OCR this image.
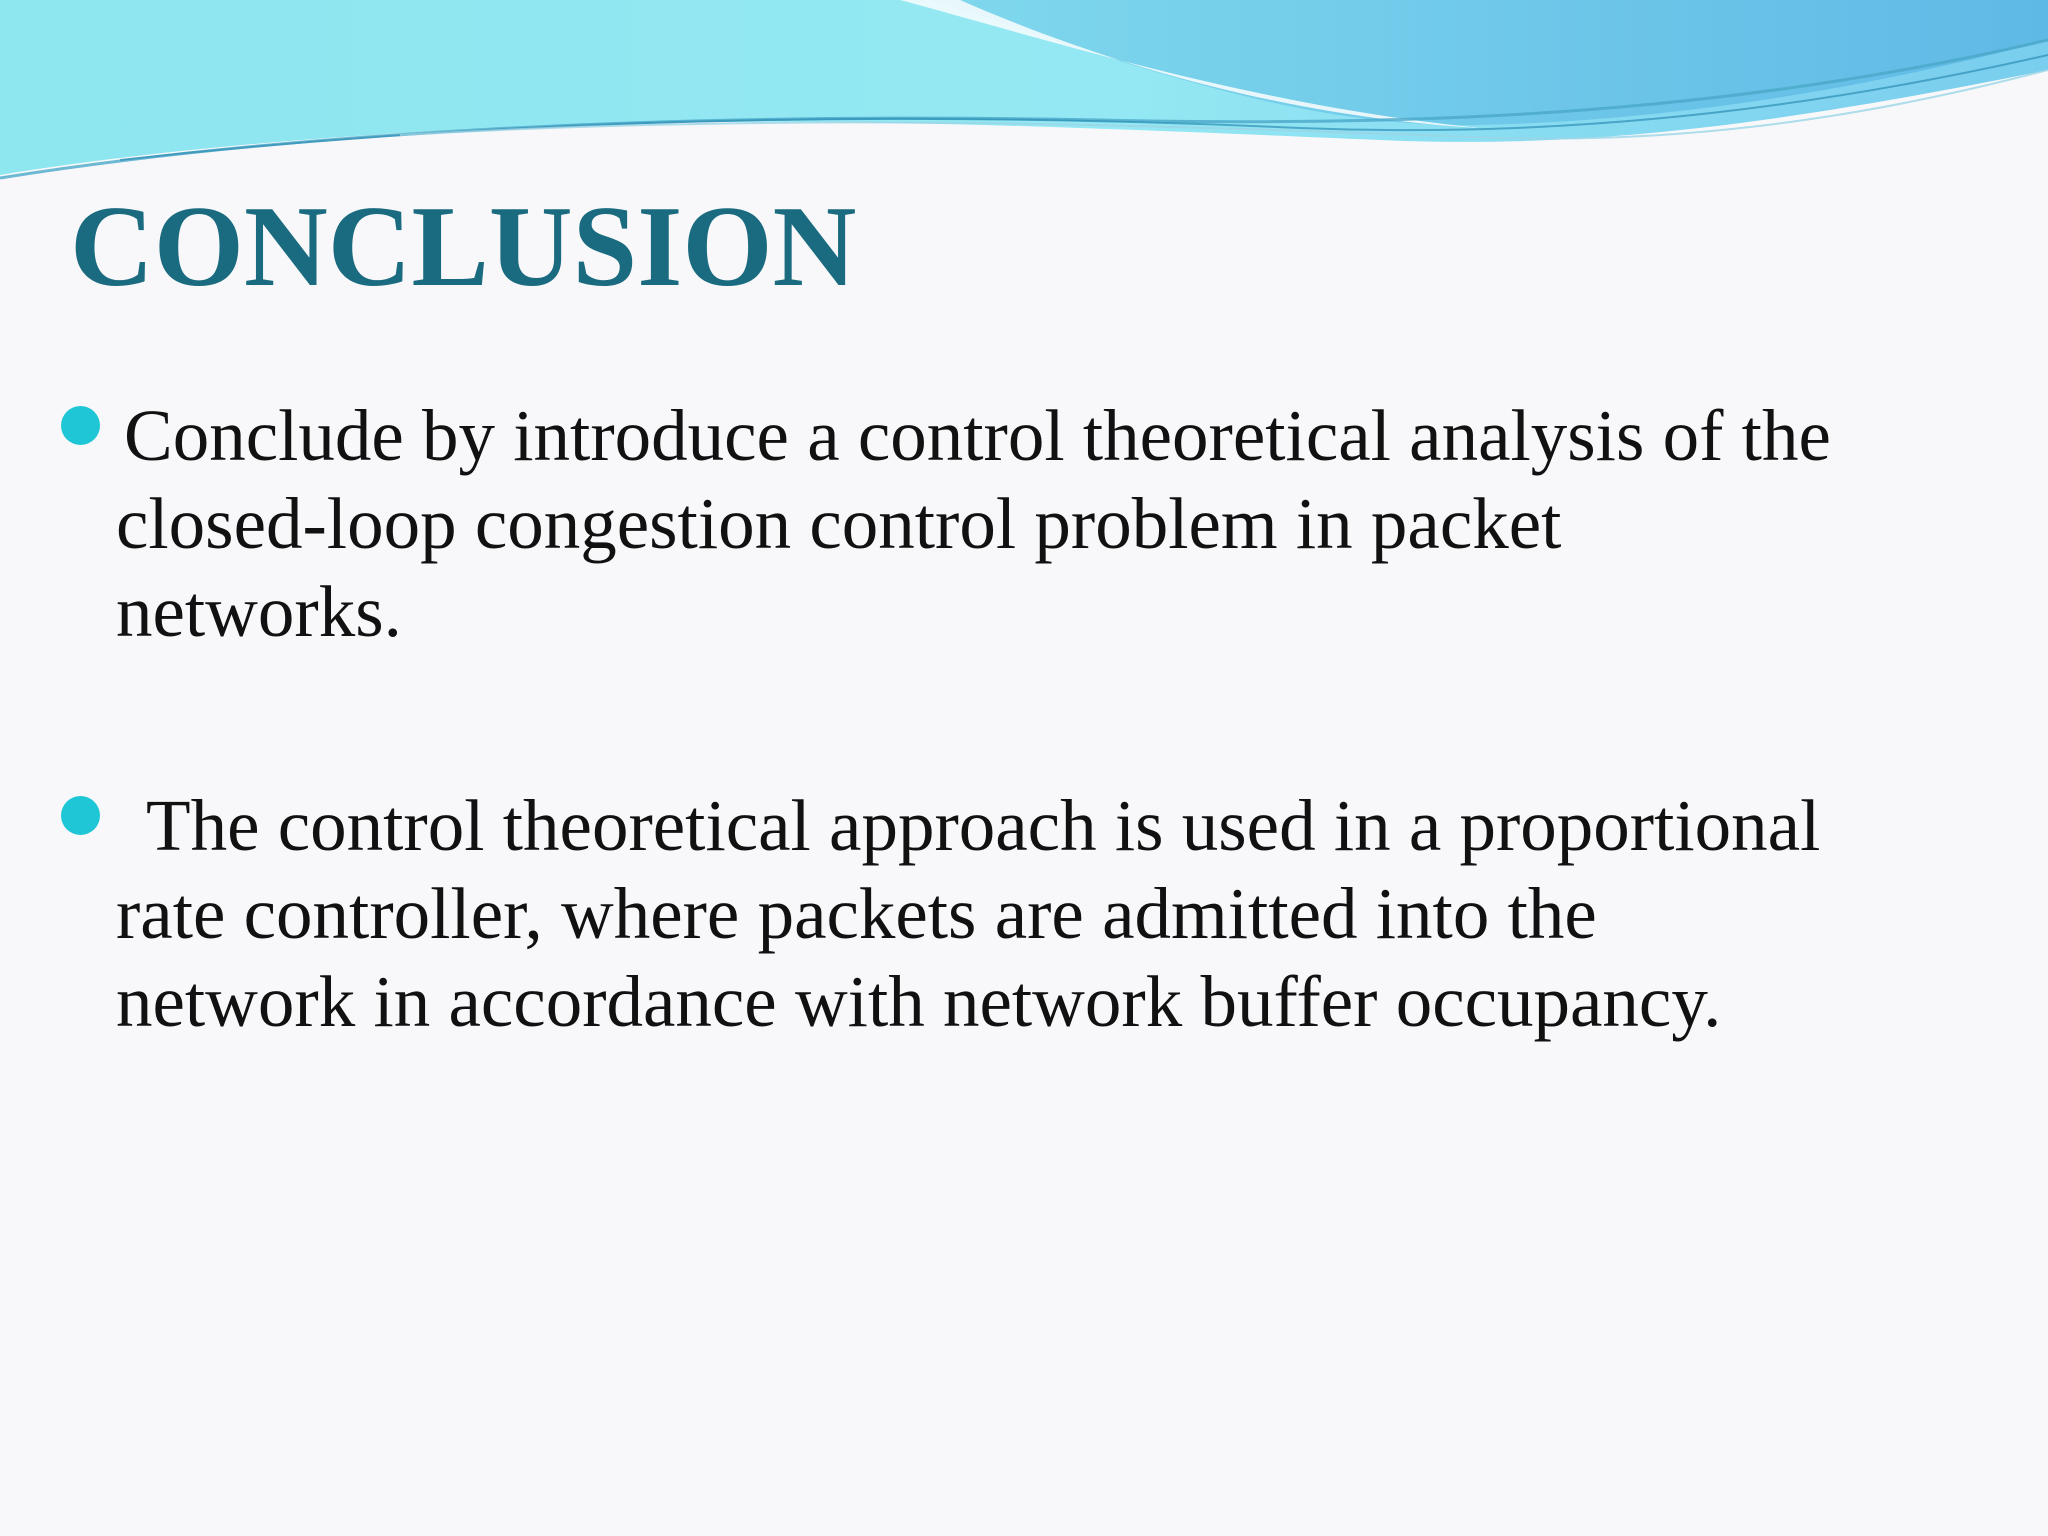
CONCLUSION
Conclude by introduce a control theoretical analysis of the
closed-loop congestion control problem in packet
networks.
The control theoretical approach is used in a proportional
rate controller, where packets are admitted into the
network in accordance with network buffer occupancy.
